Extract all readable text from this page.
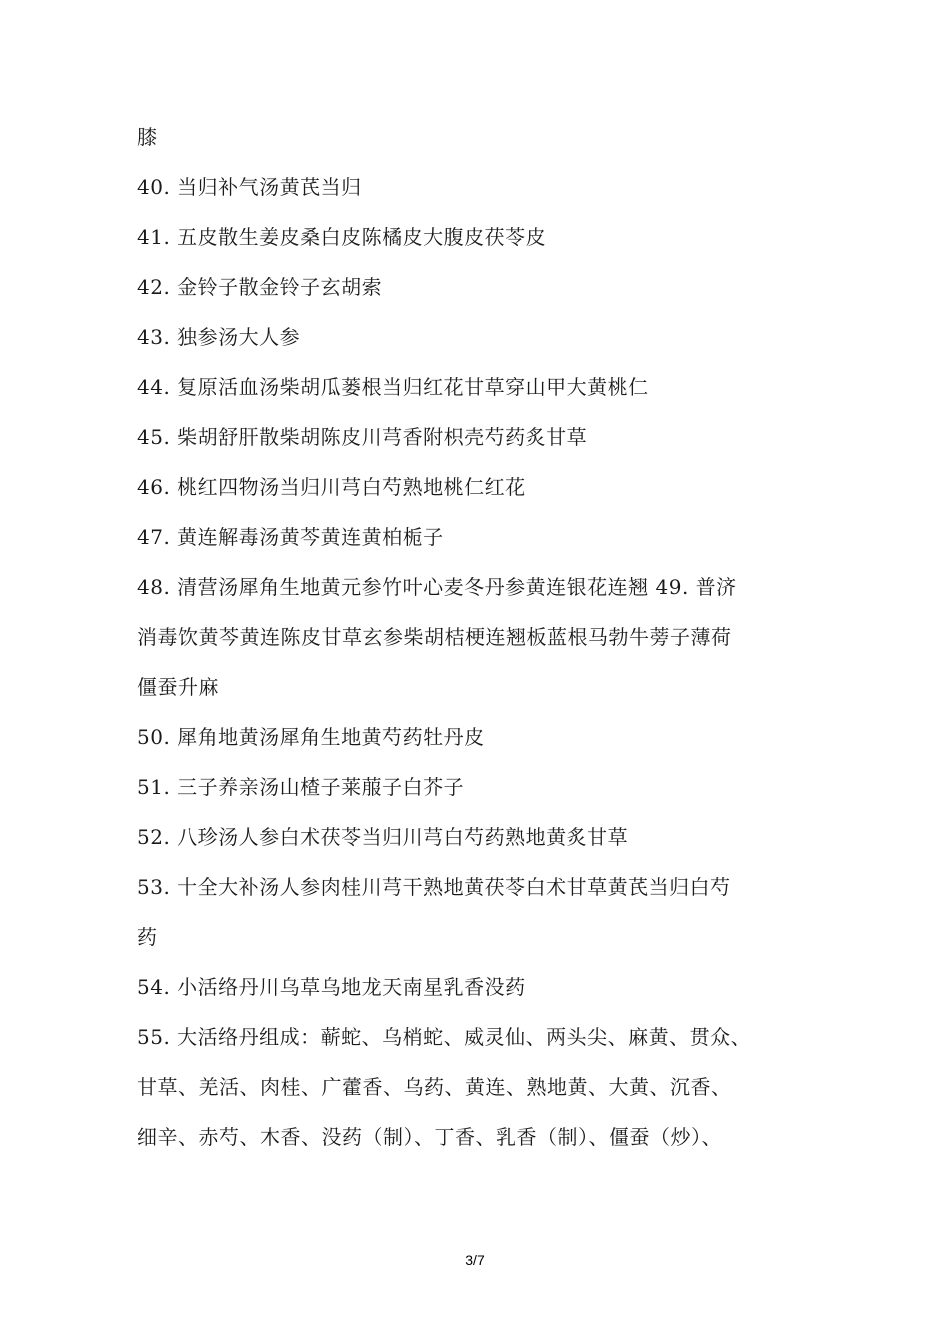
膝
40. 当归补气汤黄芪当归
41. 五皮散生姜皮桑白皮陈橘皮大腹皮茯苓皮
42. 金铃子散金铃子玄胡索
43. 独参汤大人参
44. 复原活血汤柴胡瓜蒌根当归红花甘草穿山甲大黄桃仁
45. 柴胡舒肝散柴胡陈皮川芎香附枳壳芍药炙甘草
46. 桃红四物汤当归川芎白芍熟地桃仁红花
47. 黄连解毒汤黄芩黄连黄柏栀子
48. 清营汤犀角生地黄元参竹叶心麦冬丹参黄连银花连翘 49. 普济
消毒饮黄芩黄连陈皮甘草玄参柴胡桔梗连翘板蓝根马勃牛蒡子薄荷
僵蚕升麻
50. 犀角地黄汤犀角生地黄芍药牡丹皮
51. 三子养亲汤山楂子莱菔子白芥子
52. 八珍汤人参白术茯苓当归川芎白芍药熟地黄炙甘草
53. 十全大补汤人参肉桂川芎干熟地黄茯苓白术甘草黄芪当归白芍
药
54. 小活络丹川乌草乌地龙天南星乳香没药
55. 大活络丹组成：蕲蛇、乌梢蛇、威灵仙、两头尖、麻黄、贯众、
甘草、羌活、肉桂、广藿香、乌药、黄连、熟地黄、大黄、沉香、
细辛、赤芍、木香、没药（制）、丁香、乳香（制）、僵蚕（炒）、
3/7
